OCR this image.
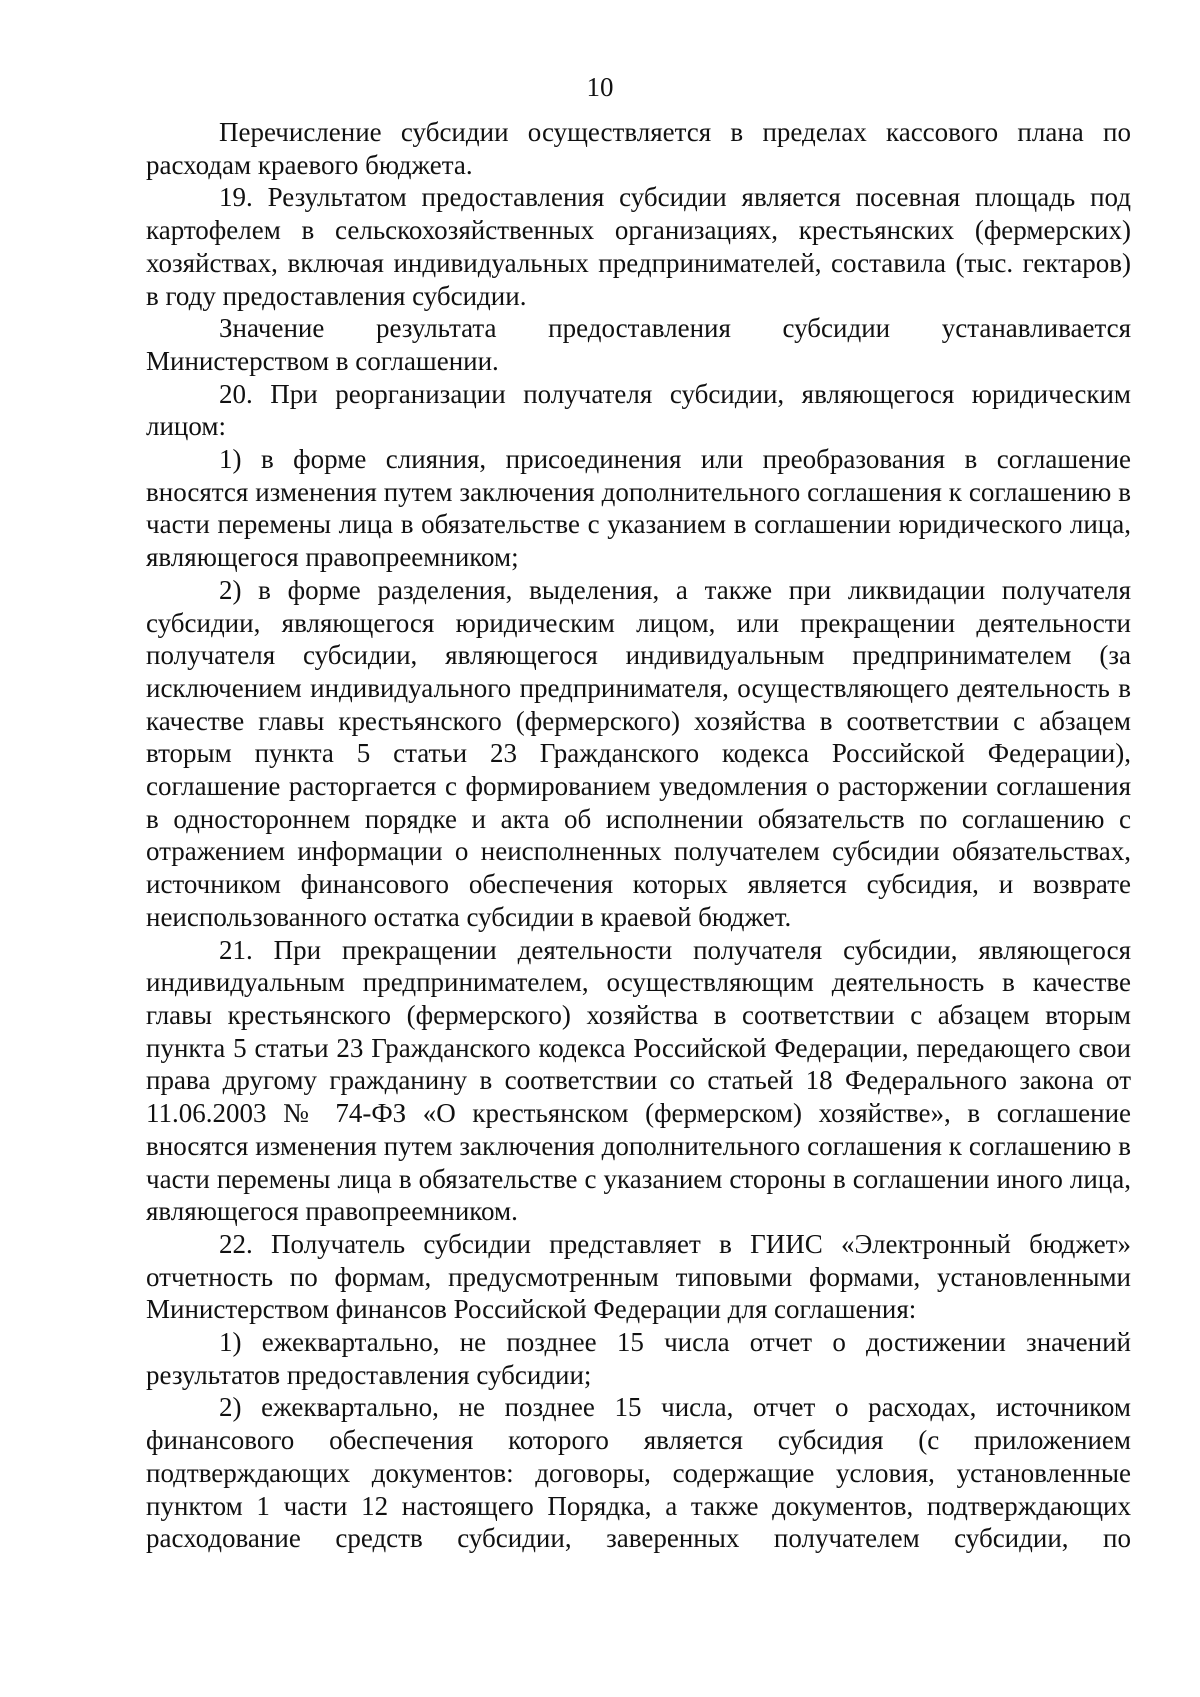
10

Перечисление субсидии осуществляется в пределах кассового плана по расходам краевого бюджета.

19. Результатом предоставления субсидии является посевная площадь под картофелем в сельскохозяйственных организациях, крестьянских (фермерских) хозяйствах, включая индивидуальных предпринимателей, составила (тыс. гектаров) в году предоставления субсидии.

Значение результата предоставления субсидии устанавливается Министерством в соглашении.

20. При реорганизации получателя субсидии, являющегося юридическим лицом:

1) в форме слияния, присоединения или преобразования в соглашение вносятся изменения путем заключения дополнительного соглашения к соглашению в части перемены лица в обязательстве с указанием в соглашении юридического лица, являющегося правопреемником;

2) в форме разделения, выделения, а также при ликвидации получателя субсидии, являющегося юридическим лицом, или прекращении деятельности получателя субсидии, являющегося индивидуальным предпринимателем (за исключением индивидуального предпринимателя, осуществляющего деятельность в качестве главы крестьянского (фермерского) хозяйства в соответствии с абзацем вторым пункта 5 статьи 23 Гражданского кодекса Российской Федерации), соглашение расторгается с формированием уведомления о расторжении соглашения в одностороннем порядке и акта об исполнении обязательств по соглашению с отражением информации о неисполненных получателем субсидии обязательствах, источником финансового обеспечения которых является субсидия, и возврате неиспользованного остатка субсидии в краевой бюджет.

21. При прекращении деятельности получателя субсидии, являющегося индивидуальным предпринимателем, осуществляющим деятельность в качестве главы крестьянского (фермерского) хозяйства в соответствии с абзацем вторым пункта 5 статьи 23 Гражданского кодекса Российской Федерации, передающего свои права другому гражданину в соответствии со статьей 18 Федерального закона от 11.06.2003 № 74-ФЗ «О крестьянском (фермерском) хозяйстве», в соглашение вносятся изменения путем заключения дополнительного соглашения к соглашению в части перемены лица в обязательстве с указанием стороны в соглашении иного лица, являющегося правопреемником.

22. Получатель субсидии представляет в ГИИС «Электронный бюджет» отчетность по формам, предусмотренным типовыми формами, установленными Министерством финансов Российской Федерации для соглашения:

1) ежеквартально, не позднее 15 числа отчет о достижении значений результатов предоставления субсидии;

2) ежеквартально, не позднее 15 числа, отчет о расходах, источником финансового обеспечения которого является субсидия (с приложением подтверждающих документов: договоры, содержащие условия, установленные пунктом 1 части 12 настоящего Порядка, а также документов, подтверждающих расходование средств субсидии, заверенных получателем субсидии, по
